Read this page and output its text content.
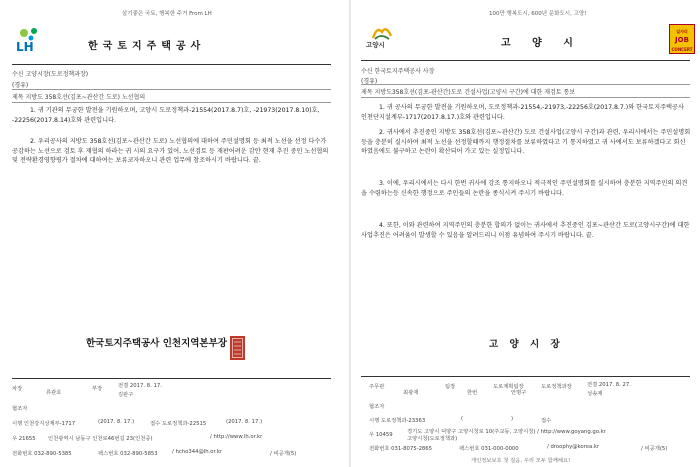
살기좋은 국토, 행복한 주거 From LH
LH	한국토지주택공사
수신 고양시장(도로정책과장)
(경유)
제목 지방도 358호선(김포~관산간 도로) 노선협의
1. 귀 기관의 무궁한 발전을 기원하오며, 고양시 도로정책과-21554(2017.8.7)호, -21973(2017.8.10)호, -22256(2017.8.14)호와 관련입니다.
2. 우리공사의 지방도 358호선(김포~관산간 도로) 노선협의에 대하여 주민설명회 등 최적 노선을 선정 다수가 공감하는 노선으로 검토 후 재협의 하라는 귀 시의 요구가 있어, 노선검토 등 재판어려운 감안 현재 추진 중인 노선협의 및 전략환경영향평가 절차에 대하여는 보류코자하오니 관련 업무에 참조하시기 바랍니다. 끝.
한국토지주택공사 인천지역본부장
차장
류관호
부장	전결 2017. 8. 17.
김판구
협조자
시행 인천강지상제부-1717	(2017. 8. 17.)	접수 도로정책과-22515	(2017. 8. 17.)
우 21655 인천광역시 남동구 인천로46번길 23(인천중)	/ http://www.lh.or.kr
전화번호 032-890-5385	팩스번호 032-890-5853	/ hcho344@lh.or.kr	/ 비공개(5)
100만 행복도시, 600년 문화도시, 고양!
고양시	고 양 시
일자리
JOB
CONCERT
수신 한국토지주택공사 사장
(경유)
제목 지방도358호선(김포-관산간)도로 건설사업(고양시 구간)에 대한 재검토 통보
1. 귀 공사의 무궁한 발전을 기원하오며, 도로정책과-21554,-21973,-22256호(2017.8.7.)와 한국토지주택공사 인천단지설계부-1717(2017.8.17.)호와 관련입니다.
2. 귀사에서 추진중인 지방도 358호선(김포~관산간) 도로 건설사업(고양시 구간)과 관련, 우리시에서는 주민설명회등을 충분히 실시하여 최적 노선을 선정할때까지 행정절차를 보류하였다고 기 통지하였고 귀 사에서도 보류하겠다고 회신하였음에도 불구하고 논란이 확산되어 가고 있는 실정입니다.
3. 이에, 우리시에서는 다시 한번 귀사에 강조 통지하오니 적극적인 주민설명회를 실시하여 충분한 지역주민의 의견을 수렴하는등 신속한 행정으로 주민들의 논란을 종식시켜 주시기 바랍니다.
4. 또한, 이와 관련하여 지역주민의 충분한 합의가 없이는 귀사에서 추진중인 김포~관산간 도로(고양시구간)에 대한 사업추진은 어려움이 발생할 수 있음을 알려드리니 이점 유념하여 주시기 바랍니다. 끝.
고 양 시 장
주무관
최광재
팀장
한번
도로계획팀장
안명구
도로정책과장	전결 2017. 8. 27.
성송제
협조자
시행 도로정책과-23363	(	)	접수
우 10459	경기도 고양시 덕양구 고양시청로 10(주교동, 고양시청) / http://www.goyang.go.kr
고양시청(도로정책과)
전화번호 031-8075-2865	팩스번호 031-000-0000	/ droophy@korea.kr	/ 비공개(5)
개인정보보호 첫 걸음, 우리 모두 함께해요!
